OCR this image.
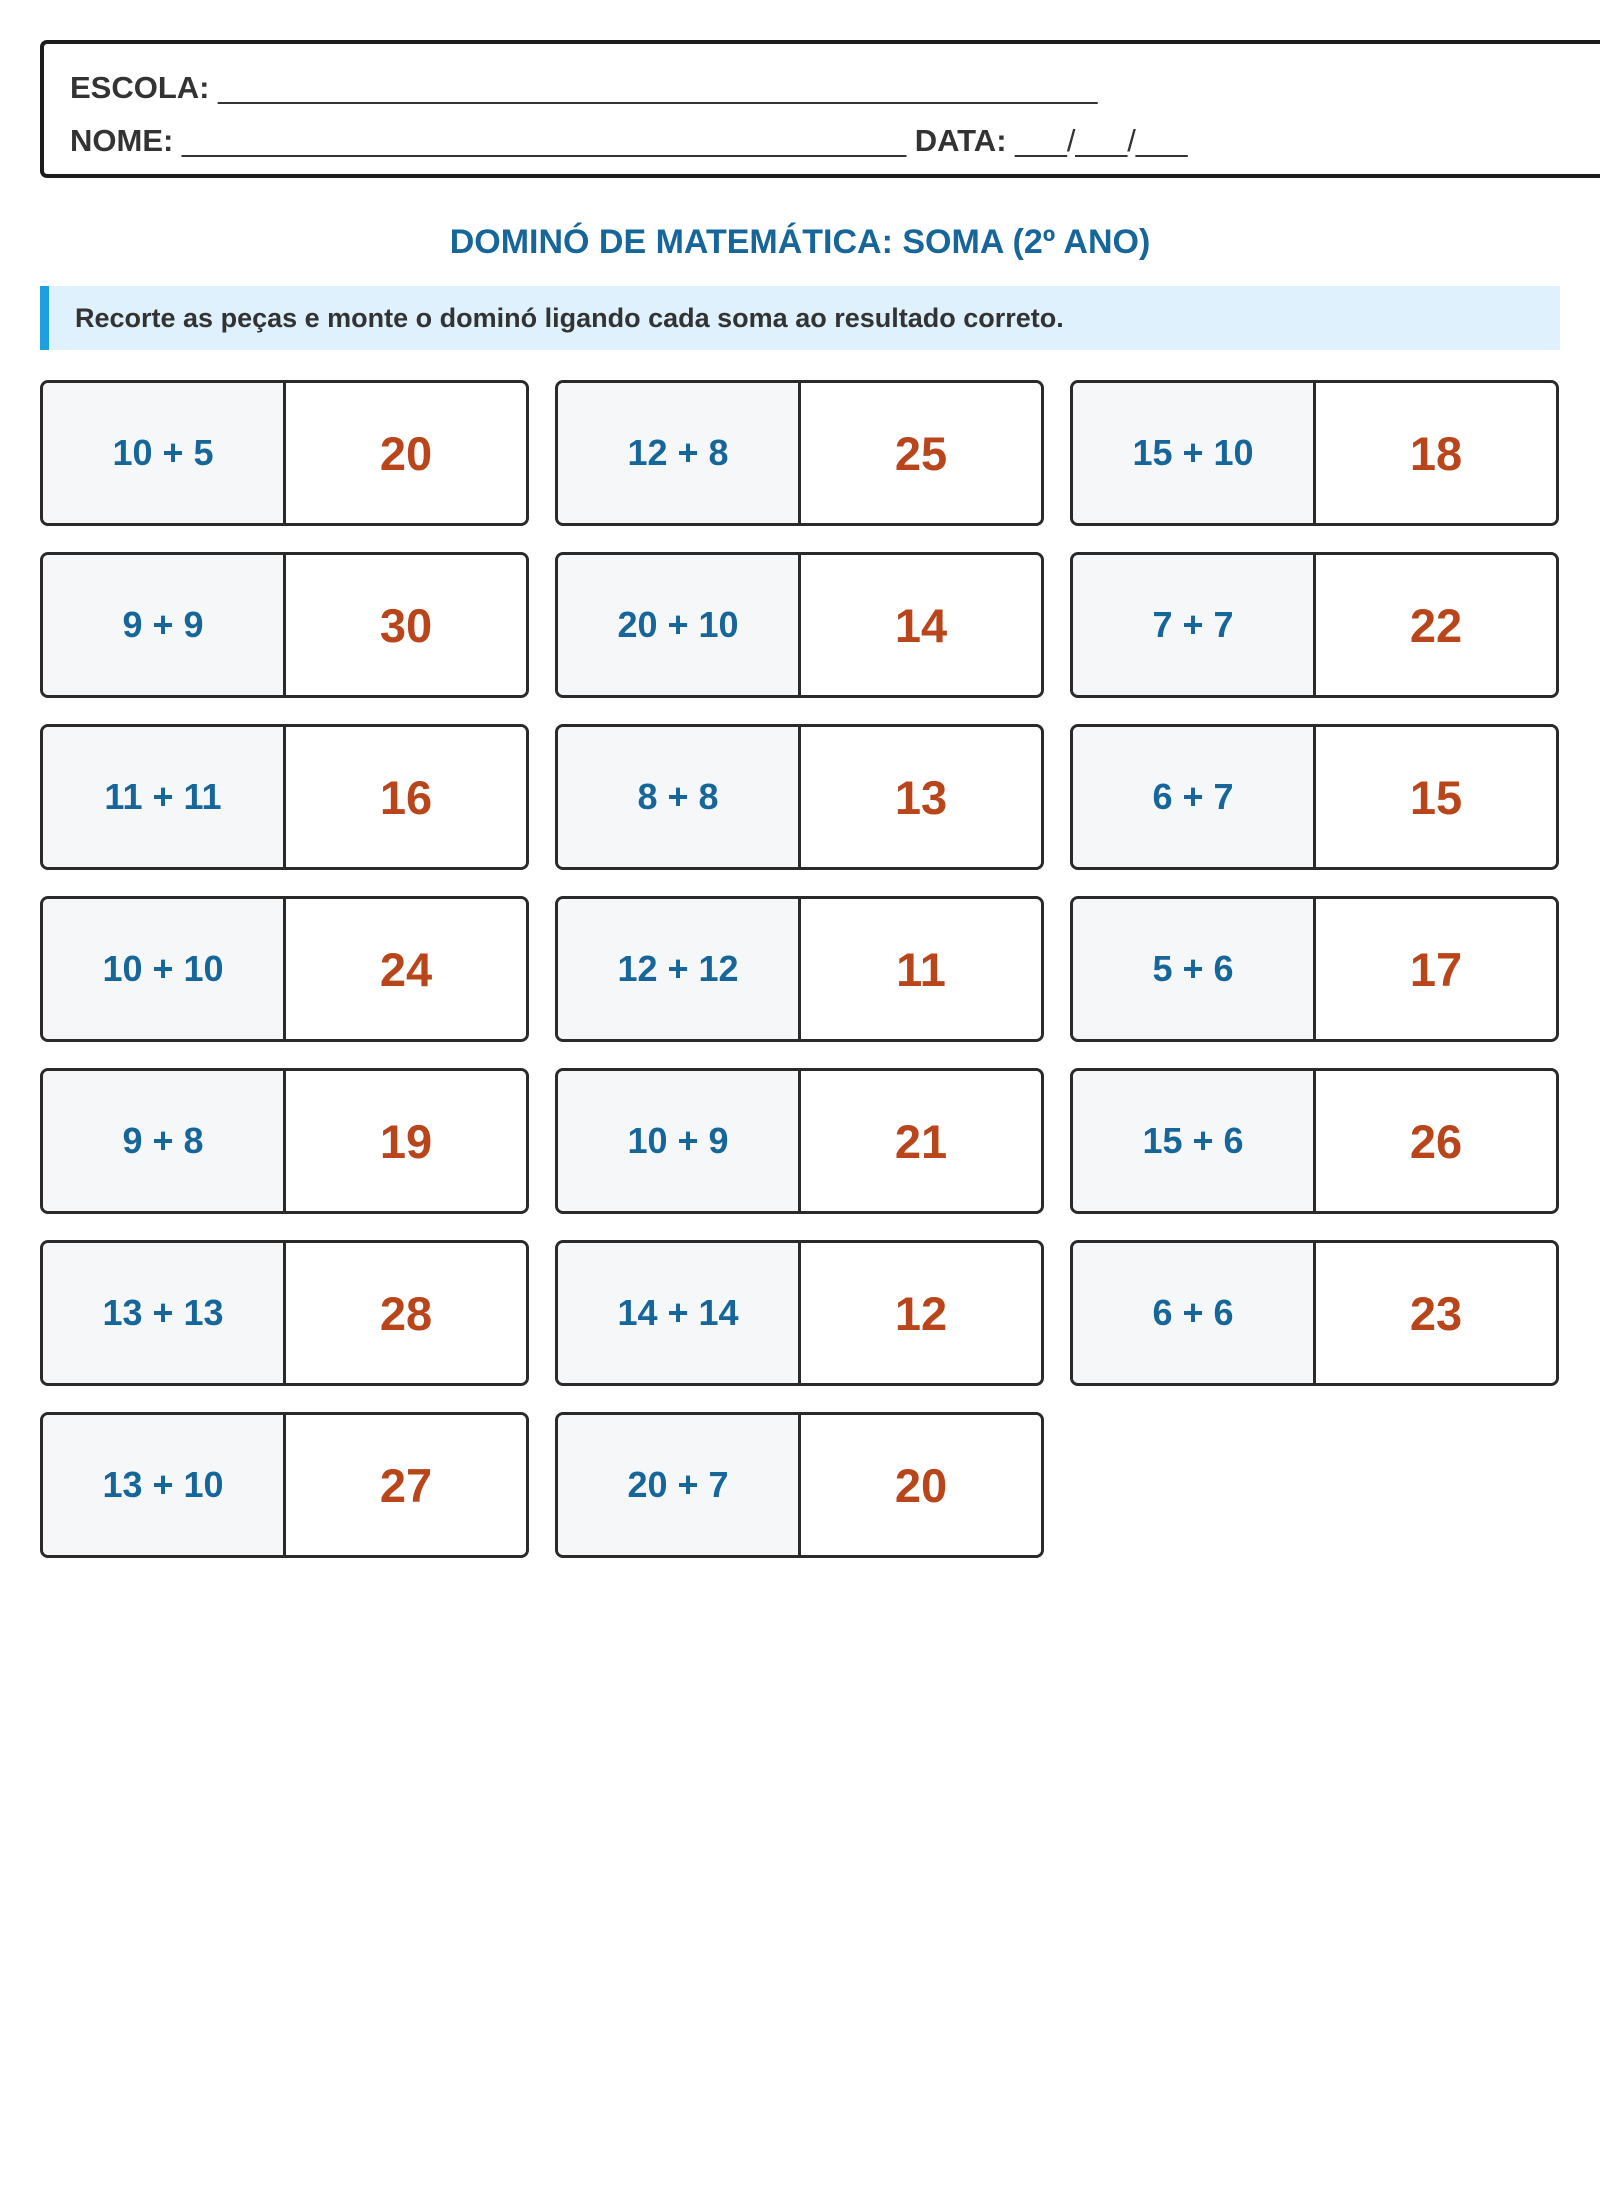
ESCOLA: ___________________________________________________
NOME: __________________________________________ DATA: ___/___/___
DOMINÓ DE MATEMÁTICA: SOMA (2º ANO)
Recorte as peças e monte o dominó ligando cada soma ao resultado correto.
10 + 5	20	12 + 8	25	15 + 10	18
9 + 9	30	20 + 10	14	7 + 7	22
11 + 11	16	8 + 8	13	6 + 7	15
10 + 10	24	12 + 12	11	5 + 6	17
9 + 8	19	10 + 9	21	15 + 6	26
13 + 13	28	14 + 14	12	6 + 6	23
13 + 10	27	20 + 7	20
